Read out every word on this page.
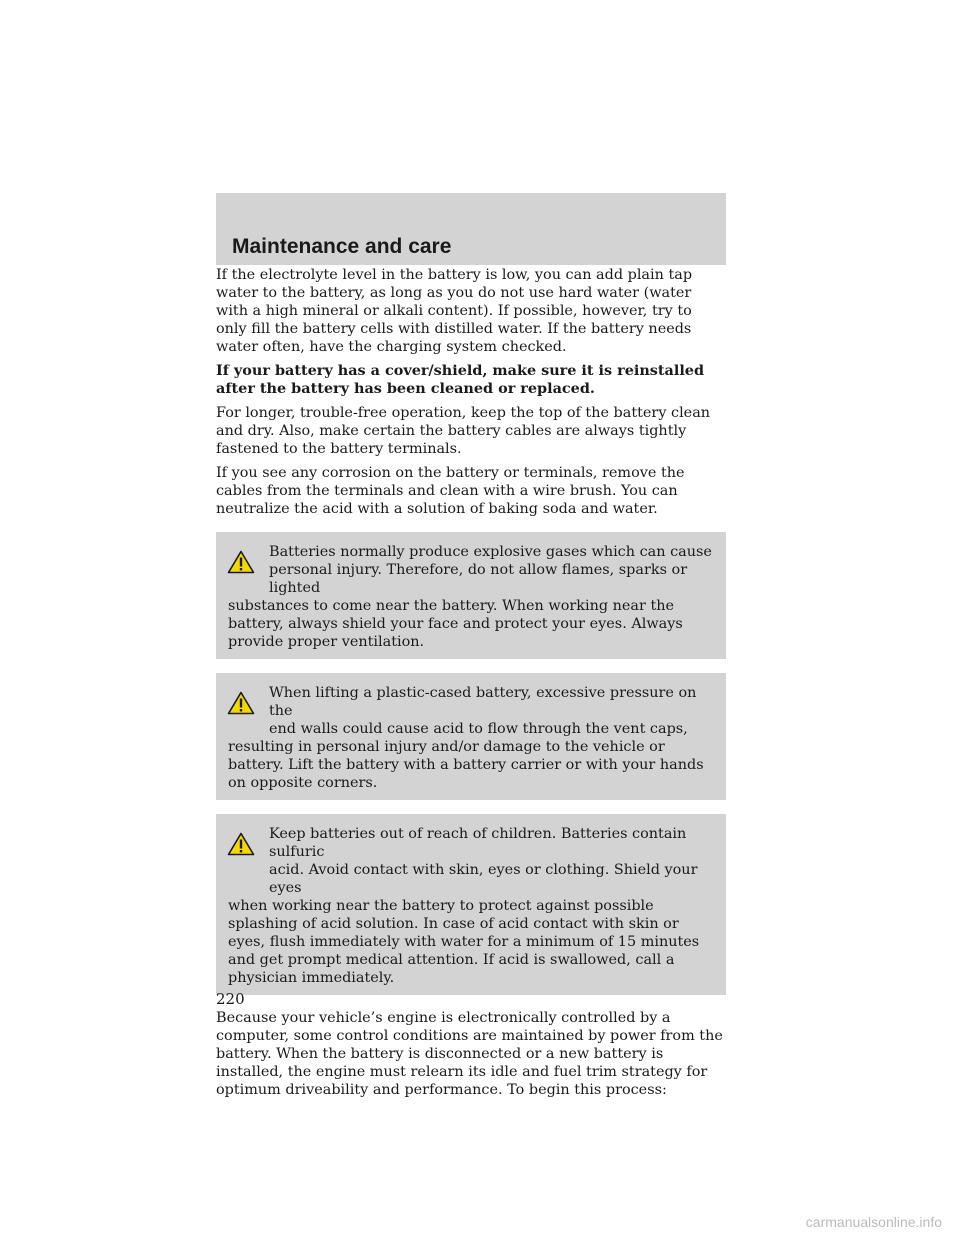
Maintenance and care

If the electrolyte level in the battery is low, you can add plain tap water to the battery, as long as you do not use hard water (water with a high mineral or alkali content). If possible, however, try to only fill the battery cells with distilled water. If the battery needs water often, have the charging system checked.

If your battery has a cover/shield, make sure it is reinstalled after the battery has been cleaned or replaced.

For longer, trouble-free operation, keep the top of the battery clean and dry. Also, make certain the battery cables are always tightly fastened to the battery terminals.

If you see any corrosion on the battery or terminals, remove the cables from the terminals and clean with a wire brush. You can neutralize the acid with a solution of baking soda and water.

Batteries normally produce explosive gases which can cause
personal injury. Therefore, do not allow flames, sparks or lighted
substances to come near the battery. When working near the battery, always shield your face and protect your eyes. Always provide proper ventilation.
When lifting a plastic-cased battery, excessive pressure on the
end walls could cause acid to flow through the vent caps,
resulting in personal injury and/or damage to the vehicle or battery. Lift the battery with a battery carrier or with your hands on opposite corners.
Keep batteries out of reach of children. Batteries contain sulfuric
acid. Avoid contact with skin, eyes or clothing. Shield your eyes
when working near the battery to protect against possible splashing of acid solution. In case of acid contact with skin or eyes, flush immediately with water for a minimum of 15 minutes and get prompt medical attention. If acid is swallowed, call a physician immediately.

Because your vehicle’s engine is electronically controlled by a computer, some control conditions are maintained by power from the battery. When the battery is disconnected or a new battery is installed, the engine must relearn its idle and fuel trim strategy for optimum driveability and performance. To begin this process:

220

carmanualsonline.info
